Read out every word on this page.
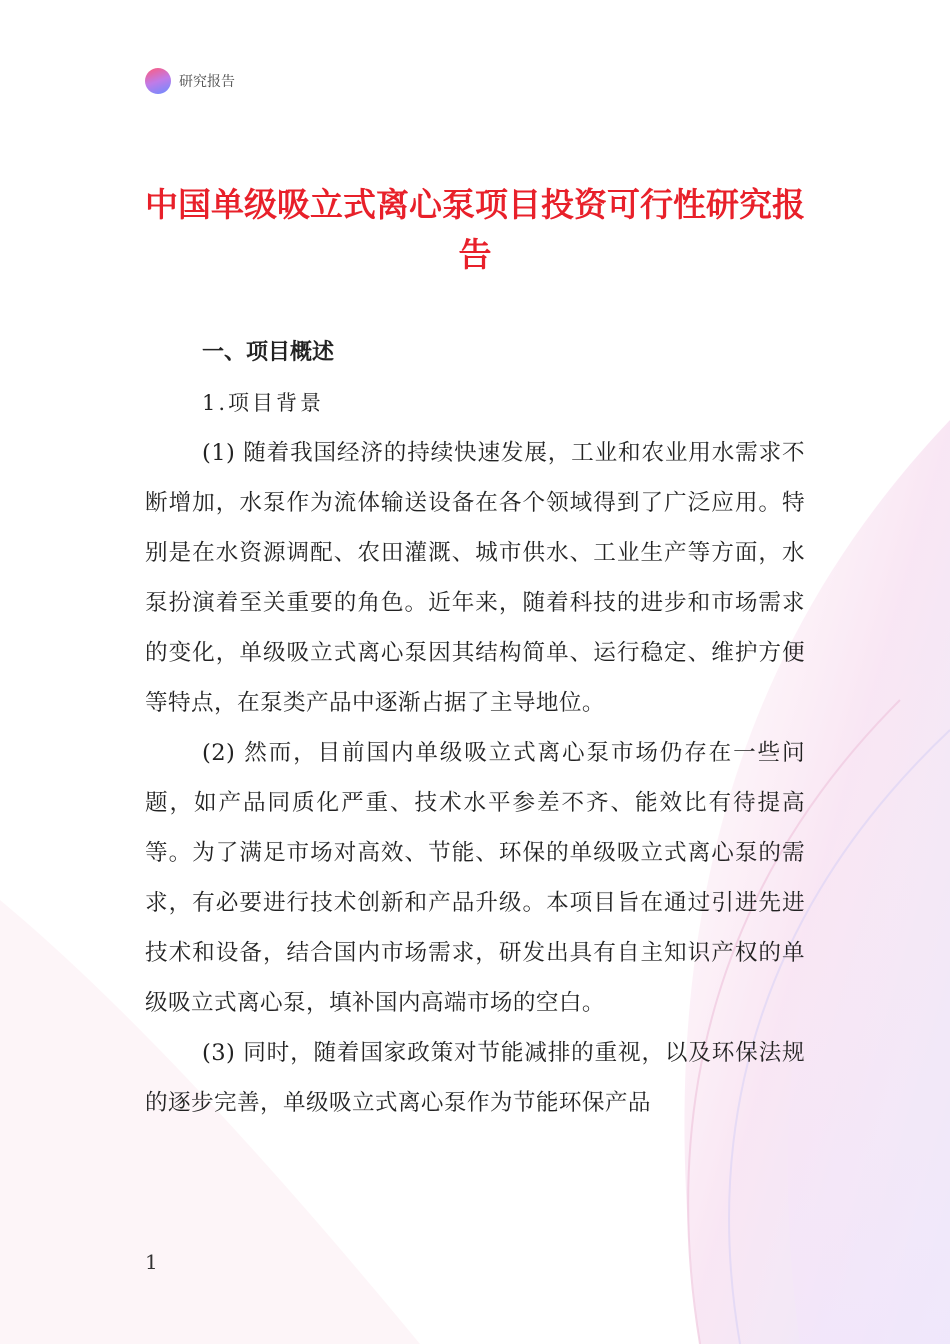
研究报告
中国单级吸立式离心泵项目投资可行性研究报告

一、项目概述

1.项目背景

(1) 随着我国经济的持续快速发展，工业和农业用水需求不断增加，水泵作为流体输送设备在各个领域得到了广泛应用。特别是在水资源调配、农田灌溉、城市供水、工业生产等方面，水泵扮演着至关重要的角色。近年来，随着科技的进步和市场需求的变化，单级吸立式离心泵因其结构简单、运行稳定、维护方便等特点，在泵类产品中逐渐占据了主导地位。

(2) 然而，目前国内单级吸立式离心泵市场仍存在一些问题，如产品同质化严重、技术水平参差不齐、能效比有待提高等。为了满足市场对高效、节能、环保的单级吸立式离心泵的需求，有必要进行技术创新和产品升级。本项目旨在通过引进先进技术和设备，结合国内市场需求，研发出具有自主知识产权的单级吸立式离心泵，填补国内高端市场的空白。

(3) 同时，随着国家政策对节能减排的重视，以及环保法规的逐步完善，单级吸立式离心泵作为节能环保产品

1
